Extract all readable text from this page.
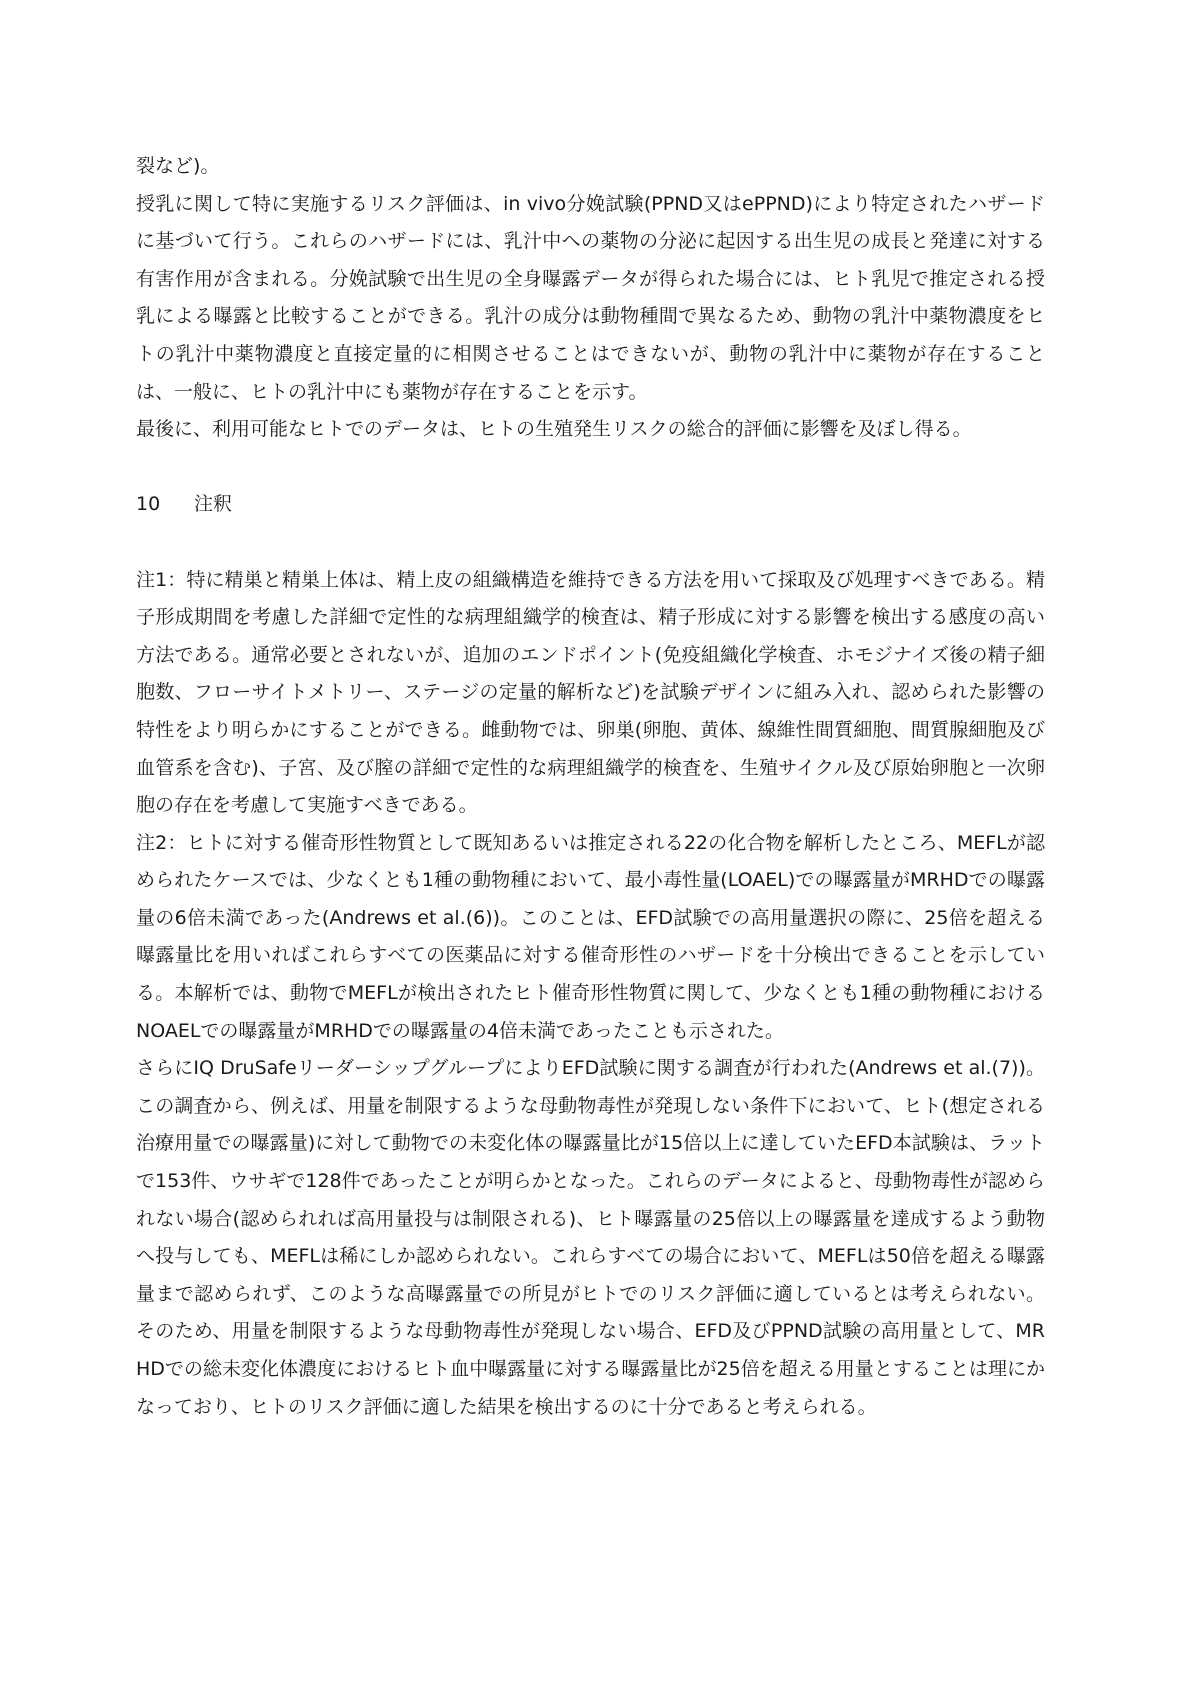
裂など)。

授乳に関して特に実施するリスク評価は、in vivo分娩試験(PPND又はePPND)により特定されたハザードに基づいて行う。これらのハザードには、乳汁中への薬物の分泌に起因する出生児の成長と発達に対する有害作用が含まれる。分娩試験で出生児の全身曝露データが得られた場合には、ヒト乳児で推定される授乳による曝露と比較することができる。乳汁の成分は動物種間で異なるため、動物の乳汁中薬物濃度をヒトの乳汁中薬物濃度と直接定量的に相関させることはできないが、動物の乳汁中に薬物が存在することは、一般に、ヒトの乳汁中にも薬物が存在することを示す。

最後に、利用可能なヒトでのデータは、ヒトの生殖発生リスクの総合的評価に影響を及ぼし得る。

10 注釈

注1：特に精巣と精巣上体は、精上皮の組織構造を維持できる方法を用いて採取及び処理すべきである。精子形成期間を考慮した詳細で定性的な病理組織学的検査は、精子形成に対する影響を検出する感度の高い方法である。通常必要とされないが、追加のエンドポイント(免疫組織化学検査、ホモジナイズ後の精子細胞数、フローサイトメトリー、ステージの定量的解析など)を試験デザインに組み入れ、認められた影響の特性をより明らかにすることができる。雌動物では、卵巣(卵胞、黄体、線維性間質細胞、間質腺細胞及び血管系を含む)、子宮、及び膣の詳細で定性的な病理組織学的検査を、生殖サイクル及び原始卵胞と一次卵胞の存在を考慮して実施すべきである。

注2：ヒトに対する催奇形性物質として既知あるいは推定される22の化合物を解析したところ、MEFLが認められたケースでは、少なくとも1種の動物種において、最小毒性量(LOAEL)での曝露量がMRHDでの曝露量の6倍未満であった(Andrews et al.(6))。このことは、EFD試験での高用量選択の際に、25倍を超える曝露量比を用いればこれらすべての医薬品に対する催奇形性のハザードを十分検出できることを示している。本解析では、動物でMEFLが検出されたヒト催奇形性物質に関して、少なくとも1種の動物種におけるNOAELでの曝露量がMRHDでの曝露量の4倍未満であったことも示された。

さらにIQ DruSafeリーダーシップグループによりEFD試験に関する調査が行われた(Andrews et al.(7))。この調査から、例えば、用量を制限するような母動物毒性が発現しない条件下において、ヒト(想定される治療用量での曝露量)に対して動物での未変化体の曝露量比が15倍以上に達していたEFD本試験は、ラットで153件、ウサギで128件であったことが明らかとなった。これらのデータによると、母動物毒性が認められない場合(認められれば高用量投与は制限される)、ヒト曝露量の25倍以上の曝露量を達成するよう動物へ投与しても、MEFLは稀にしか認められない。これらすべての場合において、MEFLは50倍を超える曝露量まで認められず、このような高曝露量での所見がヒトでのリスク評価に適しているとは考えられない。そのため、用量を制限するような母動物毒性が発現しない場合、EFD及びPPND試験の高用量として、MRHDでの総未変化体濃度におけるヒト血中曝露量に対する曝露量比が25倍を超える用量とすることは理にかなっており、ヒトのリスク評価に適した結果を検出するのに十分であると考えられる。
